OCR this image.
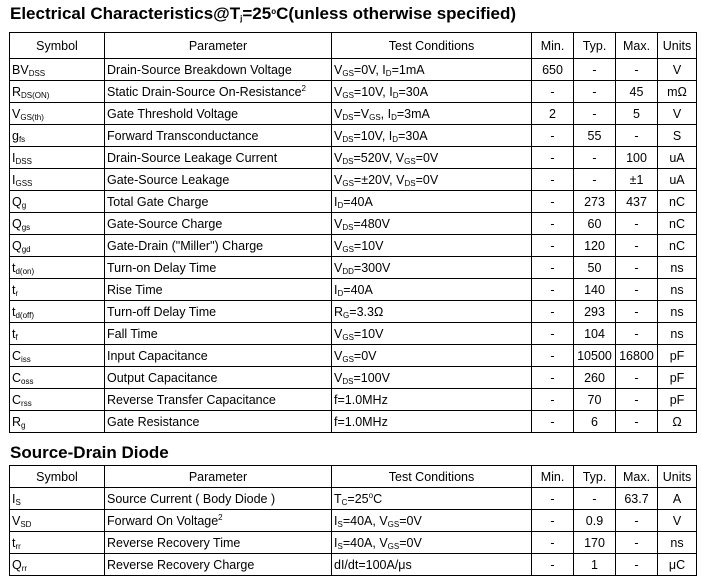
Electrical $Characteristics@T_j=25^oC(unless$ otherwise specified)
Symbol	Parameter	Test Conditions	Min.	Typ.	Max.	Units
$BV_{DSS}$	Drain-Source Breakdown Voltage	$V_{GS}=0V$, $I_D=1mA$	650	-	-	V
$R_{DS(ON)}$	Static Drain-Source On-Resistance$^2$	$V_{GS}=10V$, $I_D=30A$	-	-	45	mΩ
$V_{GS(th)}$	Gate Threshold Voltage	$V_{DS}=V_{GS}$, $I_D=3mA$	2	-	5	V
$g_{fs}$	Forward Transconductance	$V_{DS}=10V$, $I_D=30A$	-	55	-	S
$I_{DSS}$	Drain-Source Leakage Current	$V_{DS}=520V$, $V_{GS}=0V$	-	-	100	uA
$I_{GSS}$	Gate-Source Leakage	$V_{GS}=\pm 20V$, $V_{DS}=0V$	-	-	±1	uA
$Q_g$	Total Gate Charge	$I_D=40A$	-	273	437	nC
$Q_{gs}$	Gate-Source Charge	$V_{DS}=480V$	-	60	-	nC
$Q_{gd}$	Gate-Drain ("Miller") Charge	$V_{GS}=10V$	-	120	-	nC
$t_{d(on)}$	Turn-on Delay Time	$V_{DD}=300V$	-	50	-	ns
$t_r$	Rise Time	$I_D=40A$	-	140	-	ns
$t_{d(off)}$	Turn-off Delay Time	$R_G=3.3\Omega$	-	293	-	ns
$t_f$	Fall Time	$V_{GS}=10V$	-	104	-	ns
$C_{iss}$	Input Capacitance	$V_{GS}=0V$	-	10500	16800	pF
$C_{oss}$	Output Capacitance	$V_{DS}=100V$	-	260	-	pF
$C_{rss}$	Reverse Transfer Capacitance	f=1.0MHz	-	70	-	pF
$R_g$	Gate Resistance	f=1.0MHz	-	6	-	Ω
Source-Drain Diode
Symbol	Parameter	Test Conditions	Min.	Typ.	Max.	Units
$I_S$	Source Current ( Body Diode )	$T_C=25^oC$	-	-	63.7	A
$V_{SD}$	Forward On Voltage$^2$	$I_S=40A$, $V_{GS}=0V$	-	0.9	-	V
$t_{rr}$	Reverse Recovery Time	$I_S=40A$, $V_{GS}=0V$	-	170	-	ns
$Q_{rr}$	Reverse Recovery Charge	dI/dt=100A/μs	-	1	-	μC
